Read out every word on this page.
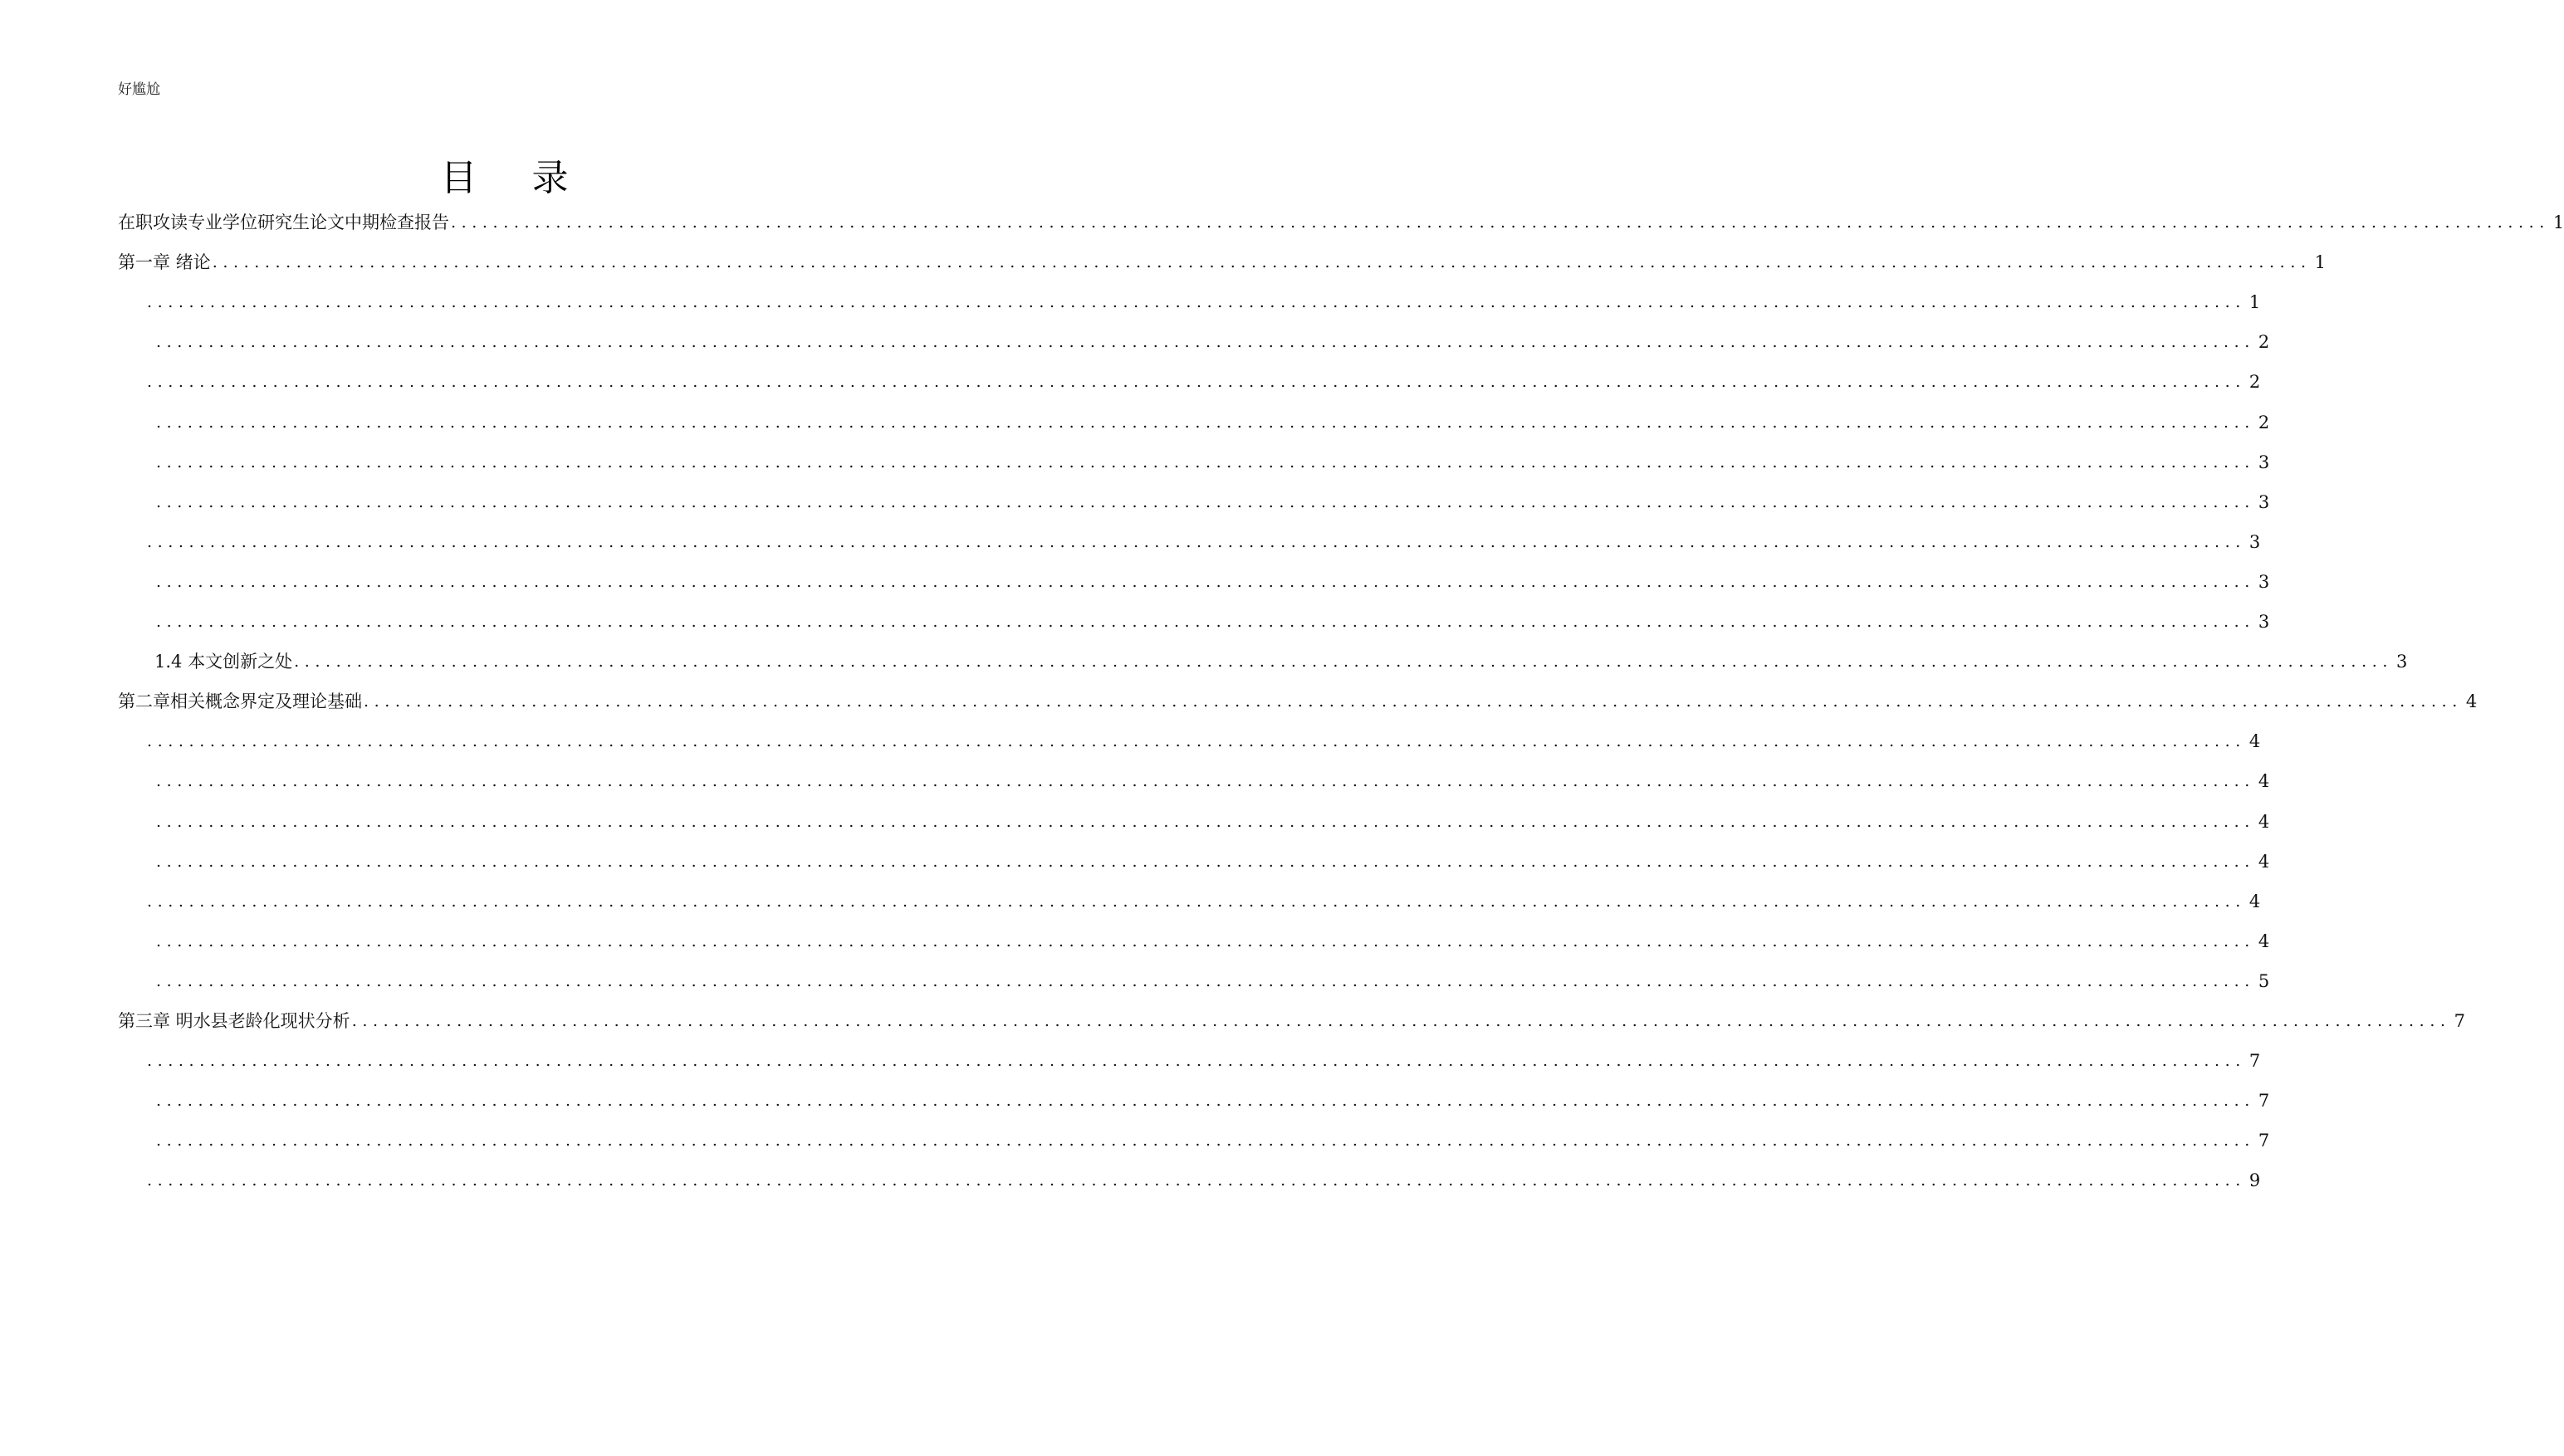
好尴尬
目 录
在职攻读专业学位研究生论文中期检查报告 ........................................................................................................................................................................................................ 1
第一章 绪论 ........................................................................................................................................................................................................ 1
........................................................................................................................................................................................................ 1
........................................................................................................................................................................................................ 2
........................................................................................................................................................................................................ 2
........................................................................................................................................................................................................ 2
........................................................................................................................................................................................................ 3
........................................................................................................................................................................................................ 3
........................................................................................................................................................................................................ 3
........................................................................................................................................................................................................ 3
........................................................................................................................................................................................................ 3
1.4 本文创新之处 ........................................................................................................................................................................................................ 3
第二章相关概念界定及理论基础 ........................................................................................................................................................................................................ 4
........................................................................................................................................................................................................ 4
........................................................................................................................................................................................................ 4
........................................................................................................................................................................................................ 4
........................................................................................................................................................................................................ 4
........................................................................................................................................................................................................ 4
........................................................................................................................................................................................................ 4
........................................................................................................................................................................................................ 5
第三章 明水县老龄化现状分析 ........................................................................................................................................................................................................ 7
........................................................................................................................................................................................................ 7
........................................................................................................................................................................................................ 7
........................................................................................................................................................................................................ 7
........................................................................................................................................................................................................ 9
